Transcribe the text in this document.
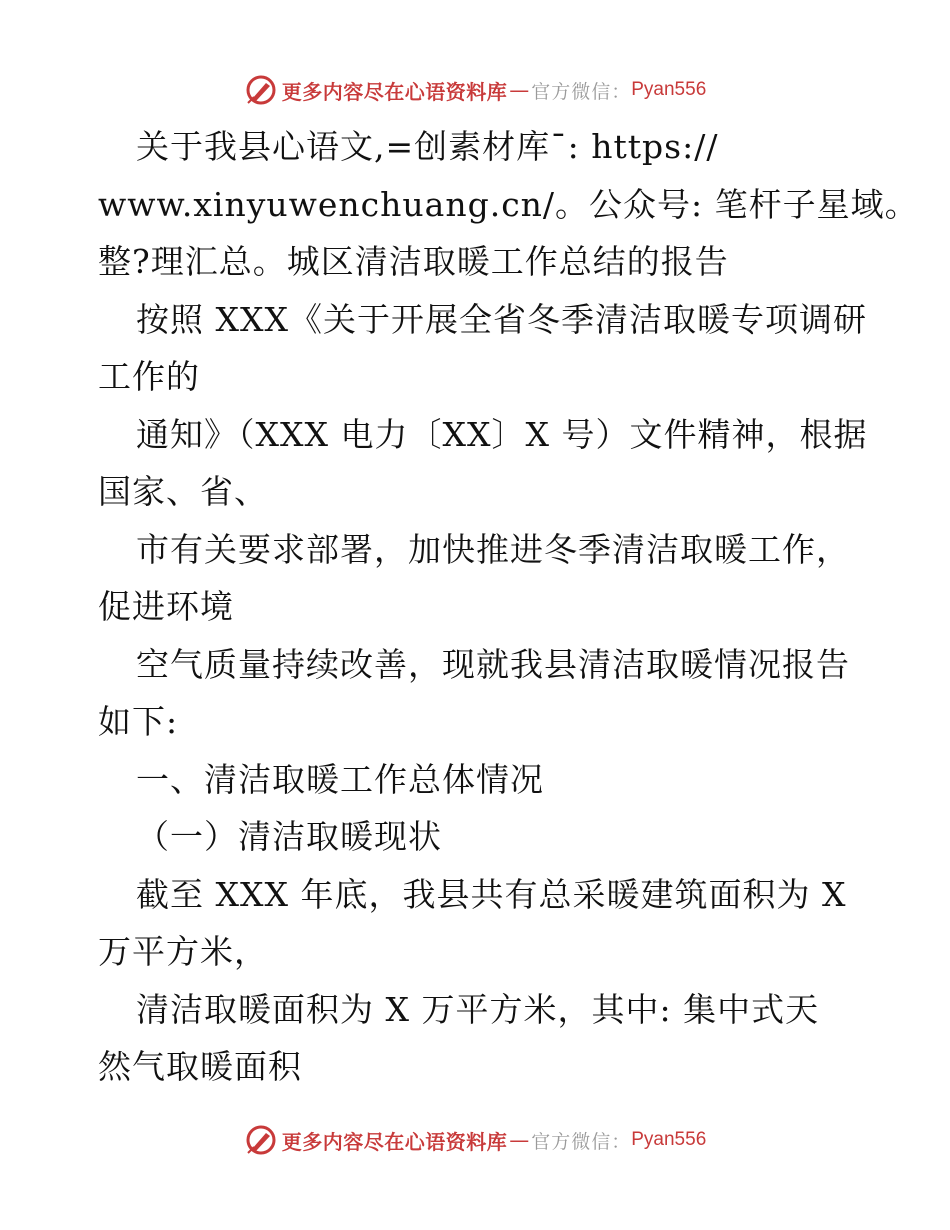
更多内容尽在心语资料库 — 官方微信： Pyan556
关于我县心语文,=创素材库¯: https://
www.xinyuwenchuang.cn/。公众号: 笔杆子星域。
整?理汇总。城区清洁取暖工作总结的报告
按照 XXX《关于开展全省冬季清洁取暖专项调研
工作的
通知》（XXX 电力〔XX〕X 号）文件精神，根据
国家、省、
市有关要求部署，加快推进冬季清洁取暖工作，
促进环境
空气质量持续改善，现就我县清洁取暖情况报告
如下:
一、清洁取暖工作总体情况
（一）清洁取暖现状
截至 XXX 年底，我县共有总采暖建筑面积为 X
万平方米，
清洁取暖面积为 X 万平方米，其中: 集中式天
然气取暖面积
更多内容尽在心语资料库 — 官方微信： Pyan556
